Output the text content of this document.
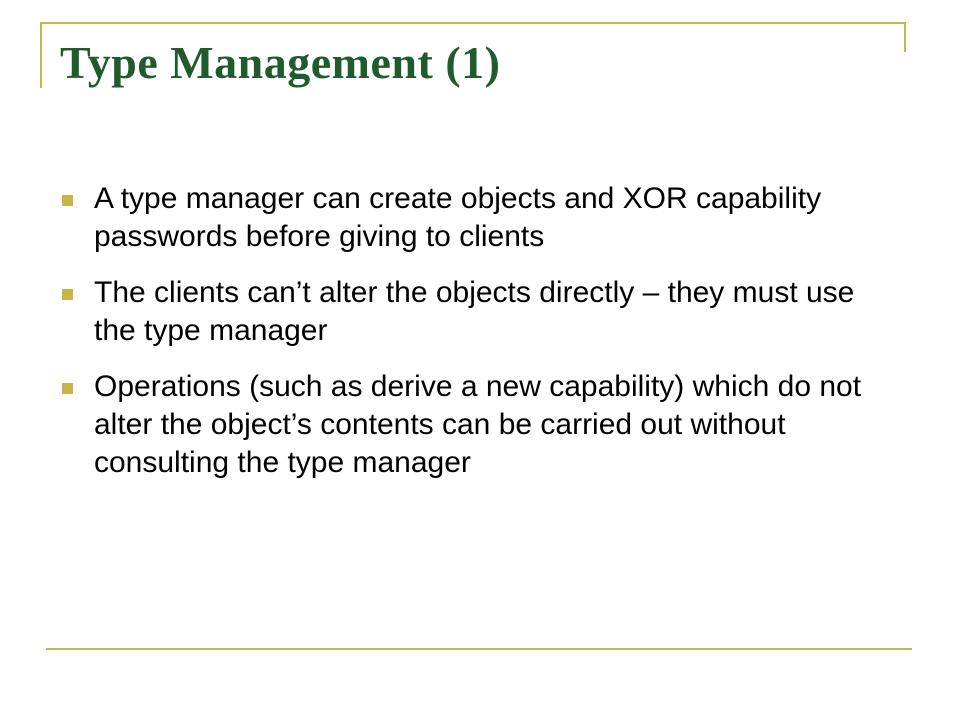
Type Management (1)
A type manager can create objects and XOR capability passwords before giving to clients
The clients can’t alter the objects directly – they must use the type manager
Operations (such as derive a new capability) which do not alter the object’s contents can be carried out without consulting the type manager
